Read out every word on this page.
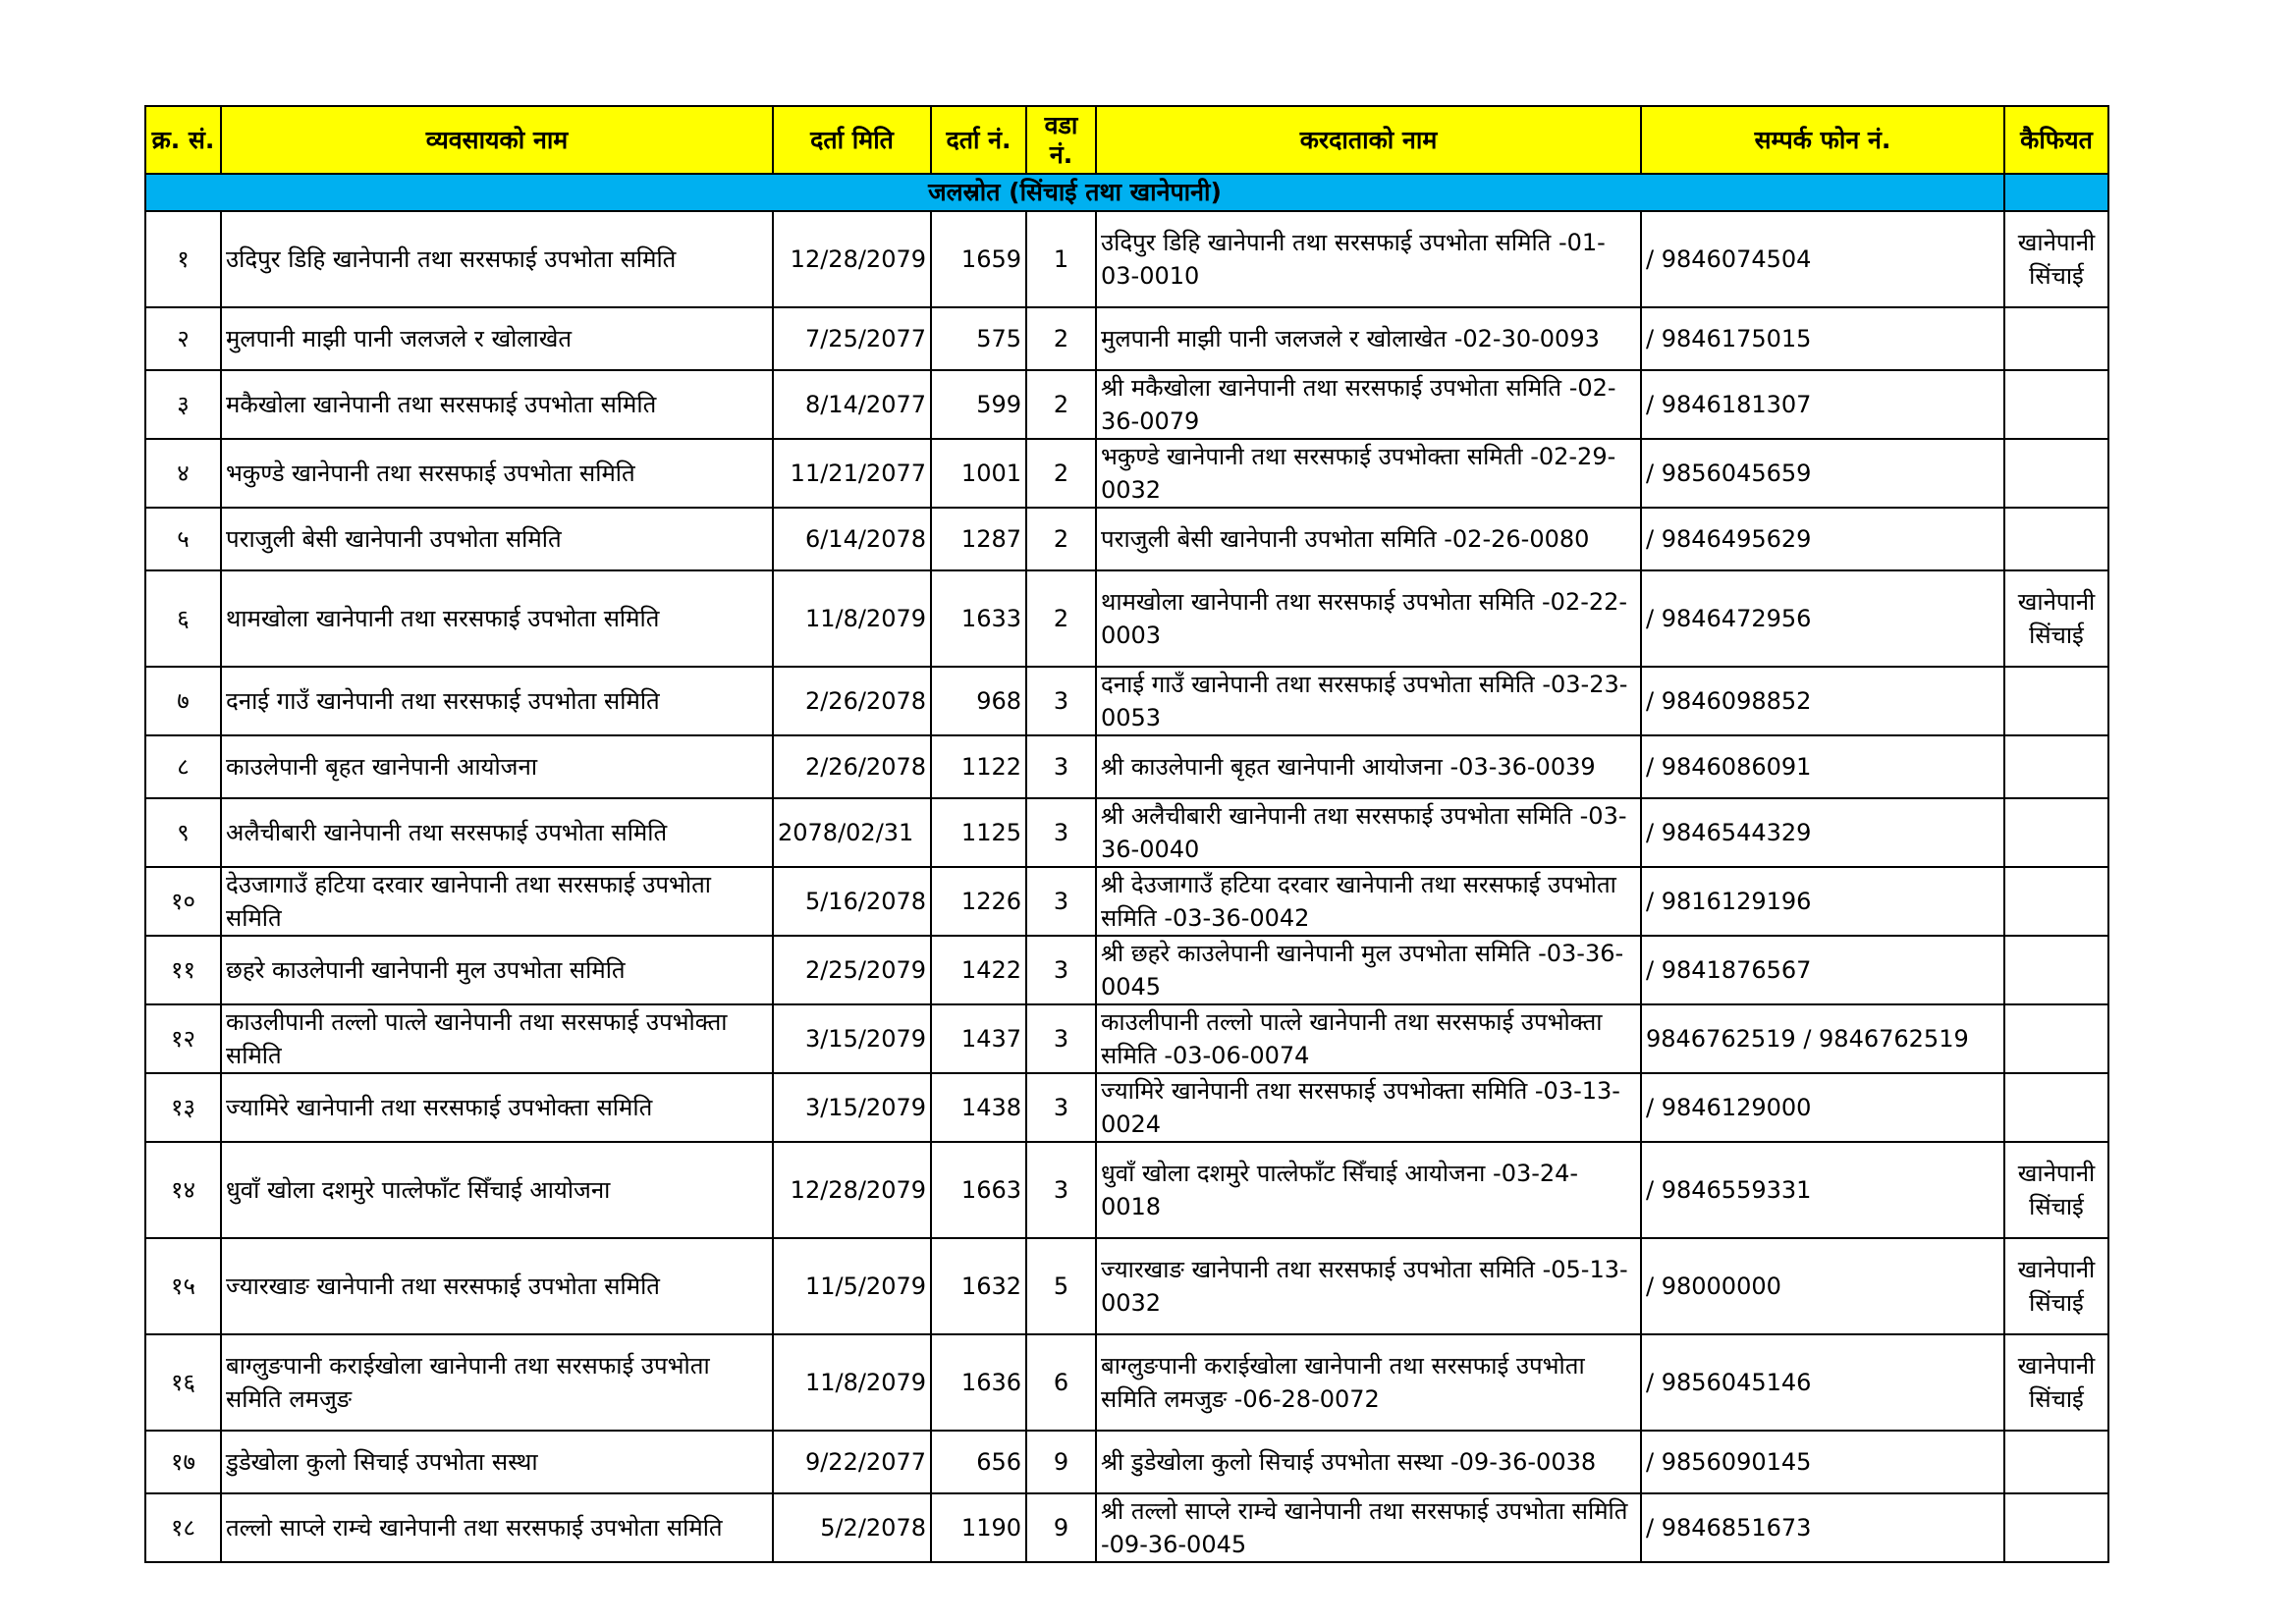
क्र. सं.	व्यवसायको नाम	दर्ता मिति	दर्ता नं.	वडा नं.	करदाताको नाम	सम्पर्क फोन नं.	कैफियत
जलस्रोत (सिंचाई तथा खानेपानी)							
१	उदिपुर डिहि खानेपानी तथा सरसफाई उपभोता समिति	12/28/2079	1659	1	उदिपुर डिहि खानेपानी तथा सरसफाई उपभोता समिति -01-03-0010	/ 9846074504	खानेपानी सिंचाई
२	मुलपानी माझी पानी जलजले र खोलाखेत	7/25/2077	575	2	मुलपानी माझी पानी जलजले र खोलाखेत -02-30-0093	/ 9846175015	
३	मकैखोला खानेपानी तथा सरसफाई उपभोता समिति	8/14/2077	599	2	श्री मकैखोला खानेपानी तथा सरसफाई उपभोता समिति -02-36-0079	/ 9846181307	
४	भकुण्डे खानेपानी तथा सरसफाई उपभोता समिति	11/21/2077	1001	2	भकुण्डे खानेपानी तथा सरसफाई उपभोक्ता समिती -02-29-0032	/ 9856045659	
५	पराजुली बेसी खानेपानी उपभोता समिति	6/14/2078	1287	2	पराजुली बेसी खानेपानी उपभोता समिति -02-26-0080	/ 9846495629	
६	थामखोला खानेपानी तथा सरसफाई उपभोता समिति	11/8/2079	1633	2	थामखोला खानेपानी तथा सरसफाई उपभोता समिति -02-22-0003	/ 9846472956	खानेपानी सिंचाई
७	दनाई गाउँ खानेपानी तथा सरसफाई उपभोता समिति	2/26/2078	968	3	दनाई गाउँ खानेपानी तथा सरसफाई उपभोता समिति -03-23-0053	/ 9846098852	
८	काउलेपानी बृहत खानेपानी आयोजना	2/26/2078	1122	3	श्री काउलेपानी बृहत खानेपानी आयोजना -03-36-0039	/ 9846086091	
९	अलैचीबारी खानेपानी तथा सरसफाई उपभोता समिति	2078/02/31	1125	3	श्री अलैचीबारी खानेपानी तथा सरसफाई उपभोता समिति -03-36-0040	/ 9846544329	
१०	देउजागाउँ हटिया दरवार खानेपानी तथा सरसफाई उपभोता समिति	5/16/2078	1226	3	श्री देउजागाउँ हटिया दरवार खानेपानी तथा सरसफाई उपभोता समिति -03-36-0042	/ 9816129196	
११	छहरे काउलेपानी खानेपानी मुल उपभोता समिति	2/25/2079	1422	3	श्री छहरे काउलेपानी खानेपानी मुल उपभोता समिति -03-36-0045	/ 9841876567	
१२	काउलीपानी तल्लो पात्ले खानेपानी तथा सरसफाई उपभोक्ता समिति	3/15/2079	1437	3	काउलीपानी तल्लो पात्ले खानेपानी तथा सरसफाई उपभोक्ता समिति -03-06-0074	9846762519 / 9846762519	
१३	ज्यामिरे खानेपानी तथा सरसफाई उपभोक्ता समिति	3/15/2079	1438	3	ज्यामिरे खानेपानी तथा सरसफाई उपभोक्ता समिति -03-13-0024	/ 9846129000	
१४	धुवाँ खोला दशमुरे पात्लेफाँट सिँचाई आयोजना	12/28/2079	1663	3	धुवाँ खोला दशमुरे पात्लेफाँट सिँचाई आयोजना -03-24-0018	/ 9846559331	खानेपानी सिंचाई
१५	ज्यारखाङ खानेपानी तथा सरसफाई उपभोता समिति	11/5/2079	1632	5	ज्यारखाङ खानेपानी तथा सरसफाई उपभोता समिति -05-13-0032	/ 98000000	खानेपानी सिंचाई
१६	बाग्लुङपानी कराईखोला खानेपानी तथा सरसफाई उपभोता समिति लमजुङ	11/8/2079	1636	6	बाग्लुङपानी कराईखोला खानेपानी तथा सरसफाई उपभोता समिति लमजुङ -06-28-0072	/ 9856045146	खानेपानी सिंचाई
१७	डुडेखोला कुलो सिचाई उपभोता सस्था	9/22/2077	656	9	श्री डुडेखोला कुलो सिचाई उपभोता सस्था -09-36-0038	/ 9856090145	
१८	तल्लो साप्ले राम्चे खानेपानी तथा सरसफाई उपभोता समिति	5/2/2078	1190	9	श्री तल्लो साप्ले राम्चे खानेपानी तथा सरसफाई उपभोता समिति -09-36-0045	/ 9846851673	
